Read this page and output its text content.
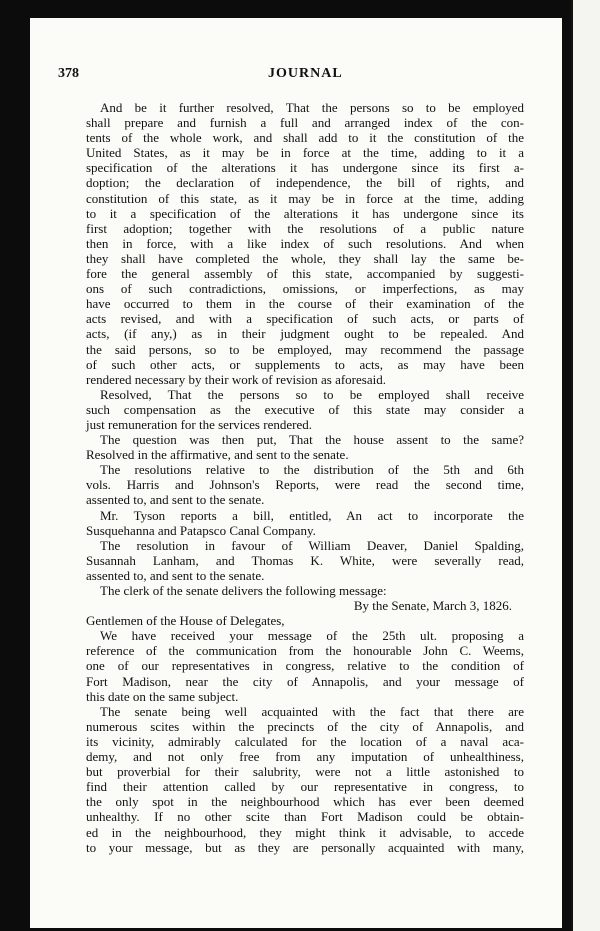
378	JOURNAL
And be it further resolved, That the persons so to be employed
shall prepare and furnish a full and arranged index of the con-
tents of the whole work, and shall add to it the constitution of the
United States, as it may be in force at the time, adding to it a
specification of the alterations it has undergone since its first a-
doption; the declaration of independence, the bill of rights, and
constitution of this state, as it may be in force at the time, adding
to it a specification of the alterations it has undergone since its
first adoption; together with the resolutions of a public nature
then in force, with a like index of such resolutions. And when
they shall have completed the whole, they shall lay the same be-
fore the general assembly of this state, accompanied by suggesti-
ons of such contradictions, omissions, or imperfections, as may
have occurred to them in the course of their examination of the
acts revised, and with a specification of such acts, or parts of
acts, (if any,) as in their judgment ought to be repealed. And
the said persons, so to be employed, may recommend the passage
of such other acts, or supplements to acts, as may have been
rendered necessary by their work of revision as aforesaid.
Resolved, That the persons so to be employed shall receive
such compensation as the executive of this state may consider a
just remuneration for the services rendered.
The question was then put, That the house assent to the same?
Resolved in the affirmative, and sent to the senate.
The resolutions relative to the distribution of the 5th and 6th
vols. Harris and Johnson's Reports, were read the second time,
assented to, and sent to the senate.
Mr. Tyson reports a bill, entitled, An act to incorporate the
Susquehanna and Patapsco Canal Company.
The resolution in favour of William Deaver, Daniel Spalding,
Susannah Lanham, and Thomas K. White, were severally read,
assented to, and sent to the senate.
The clerk of the senate delivers the following message:
By the Senate, March 3, 1826.
Gentlemen of the House of Delegates,
We have received your message of the 25th ult. proposing a
reference of the communication from the honourable John C. Weems,
one of our representatives in congress, relative to the condition of
Fort Madison, near the city of Annapolis, and your message of
this date on the same subject.
The senate being well acquainted with the fact that there are
numerous scites within the precincts of the city of Annapolis, and
its vicinity, admirably calculated for the location of a naval aca-
demy, and not only free from any imputation of unhealthiness,
but proverbial for their salubrity, were not a little astonished to
find their attention called by our representative in congress, to
the only spot in the neighbourhood which has ever been deemed
unhealthy. If no other scite than Fort Madison could be obtain-
ed in the neighbourhood, they might think it advisable, to accede
to your message, but as they are personally acquainted with many,
